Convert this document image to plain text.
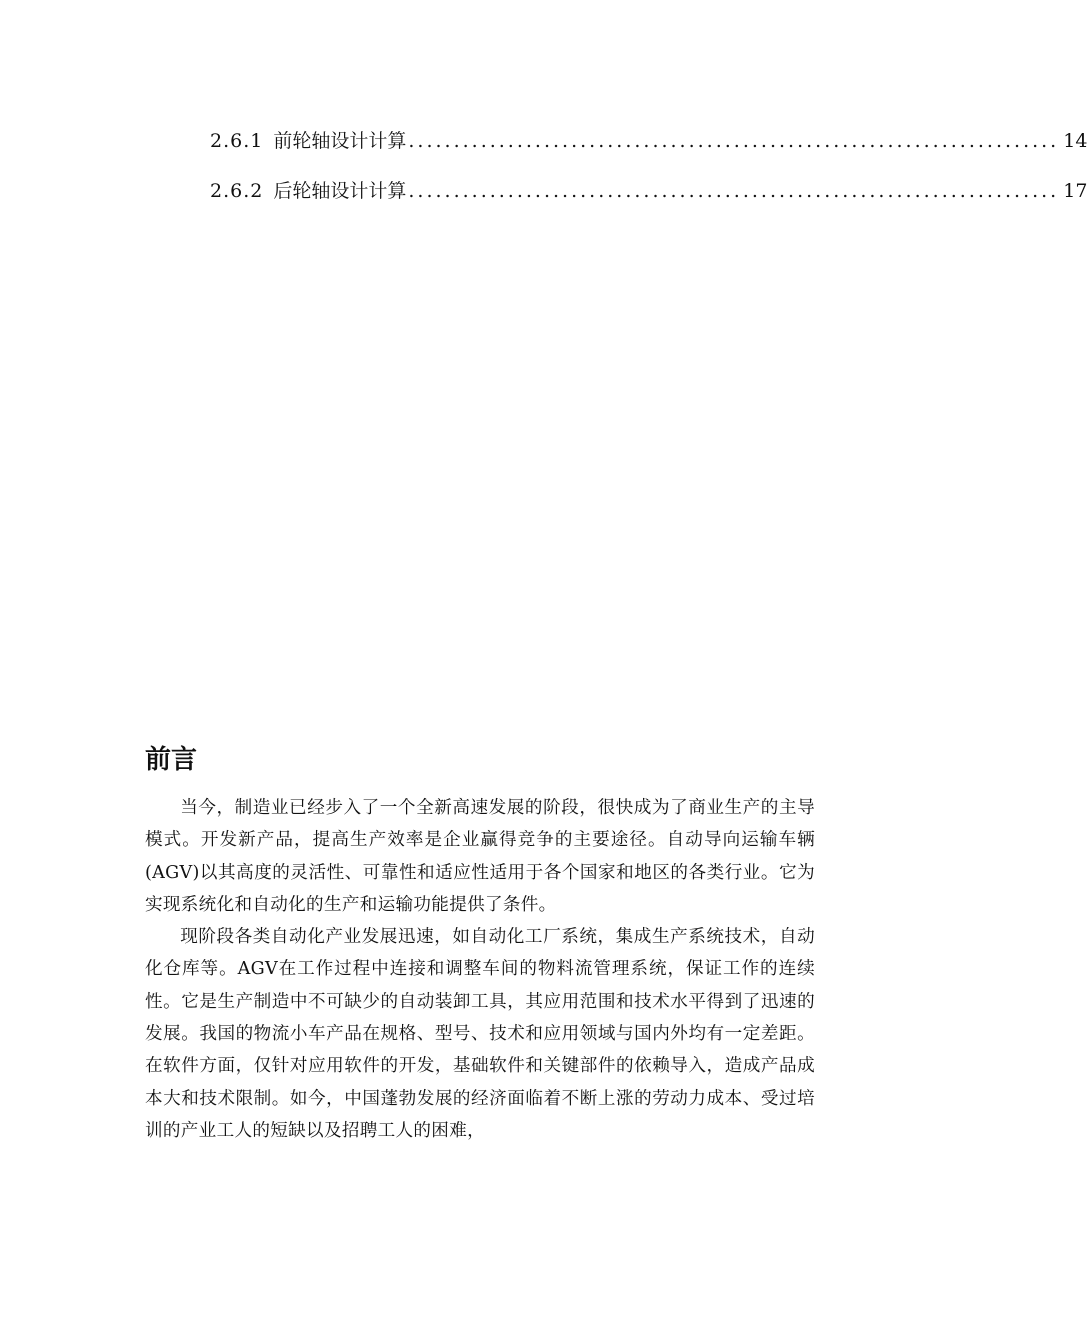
2.6.1 前轮轴设计计算 ........................................................................ 14
2.6.2 后轮轴设计计算 ........................................................................ 17
前言

当今，制造业已经步入了一个全新高速发展的阶段，很快成为了商业生产的主导模式。开发新产品，提高生产效率是企业赢得竞争的主要途径。自动导向运输车辆(AGV)以其高度的灵活性、可靠性和适应性适用于各个国家和地区的各类行业。它为实现系统化和自动化的生产和运输功能提供了条件。

现阶段各类自动化产业发展迅速，如自动化工厂系统，集成生产系统技术，自动化仓库等。AGV在工作过程中连接和调整车间的物料流管理系统，保证工作的连续性。它是生产制造中不可缺少的自动装卸工具，其应用范围和技术水平得到了迅速的发展。我国的物流小车产品在规格、型号、技术和应用领域与国内外均有一定差距。在软件方面，仅针对应用软件的开发，基础软件和关键部件的依赖导入，造成产品成本大和技术限制。如今，中国蓬勃发展的经济面临着不断上涨的劳动力成本、受过培训的产业工人的短缺以及招聘工人的困难，
